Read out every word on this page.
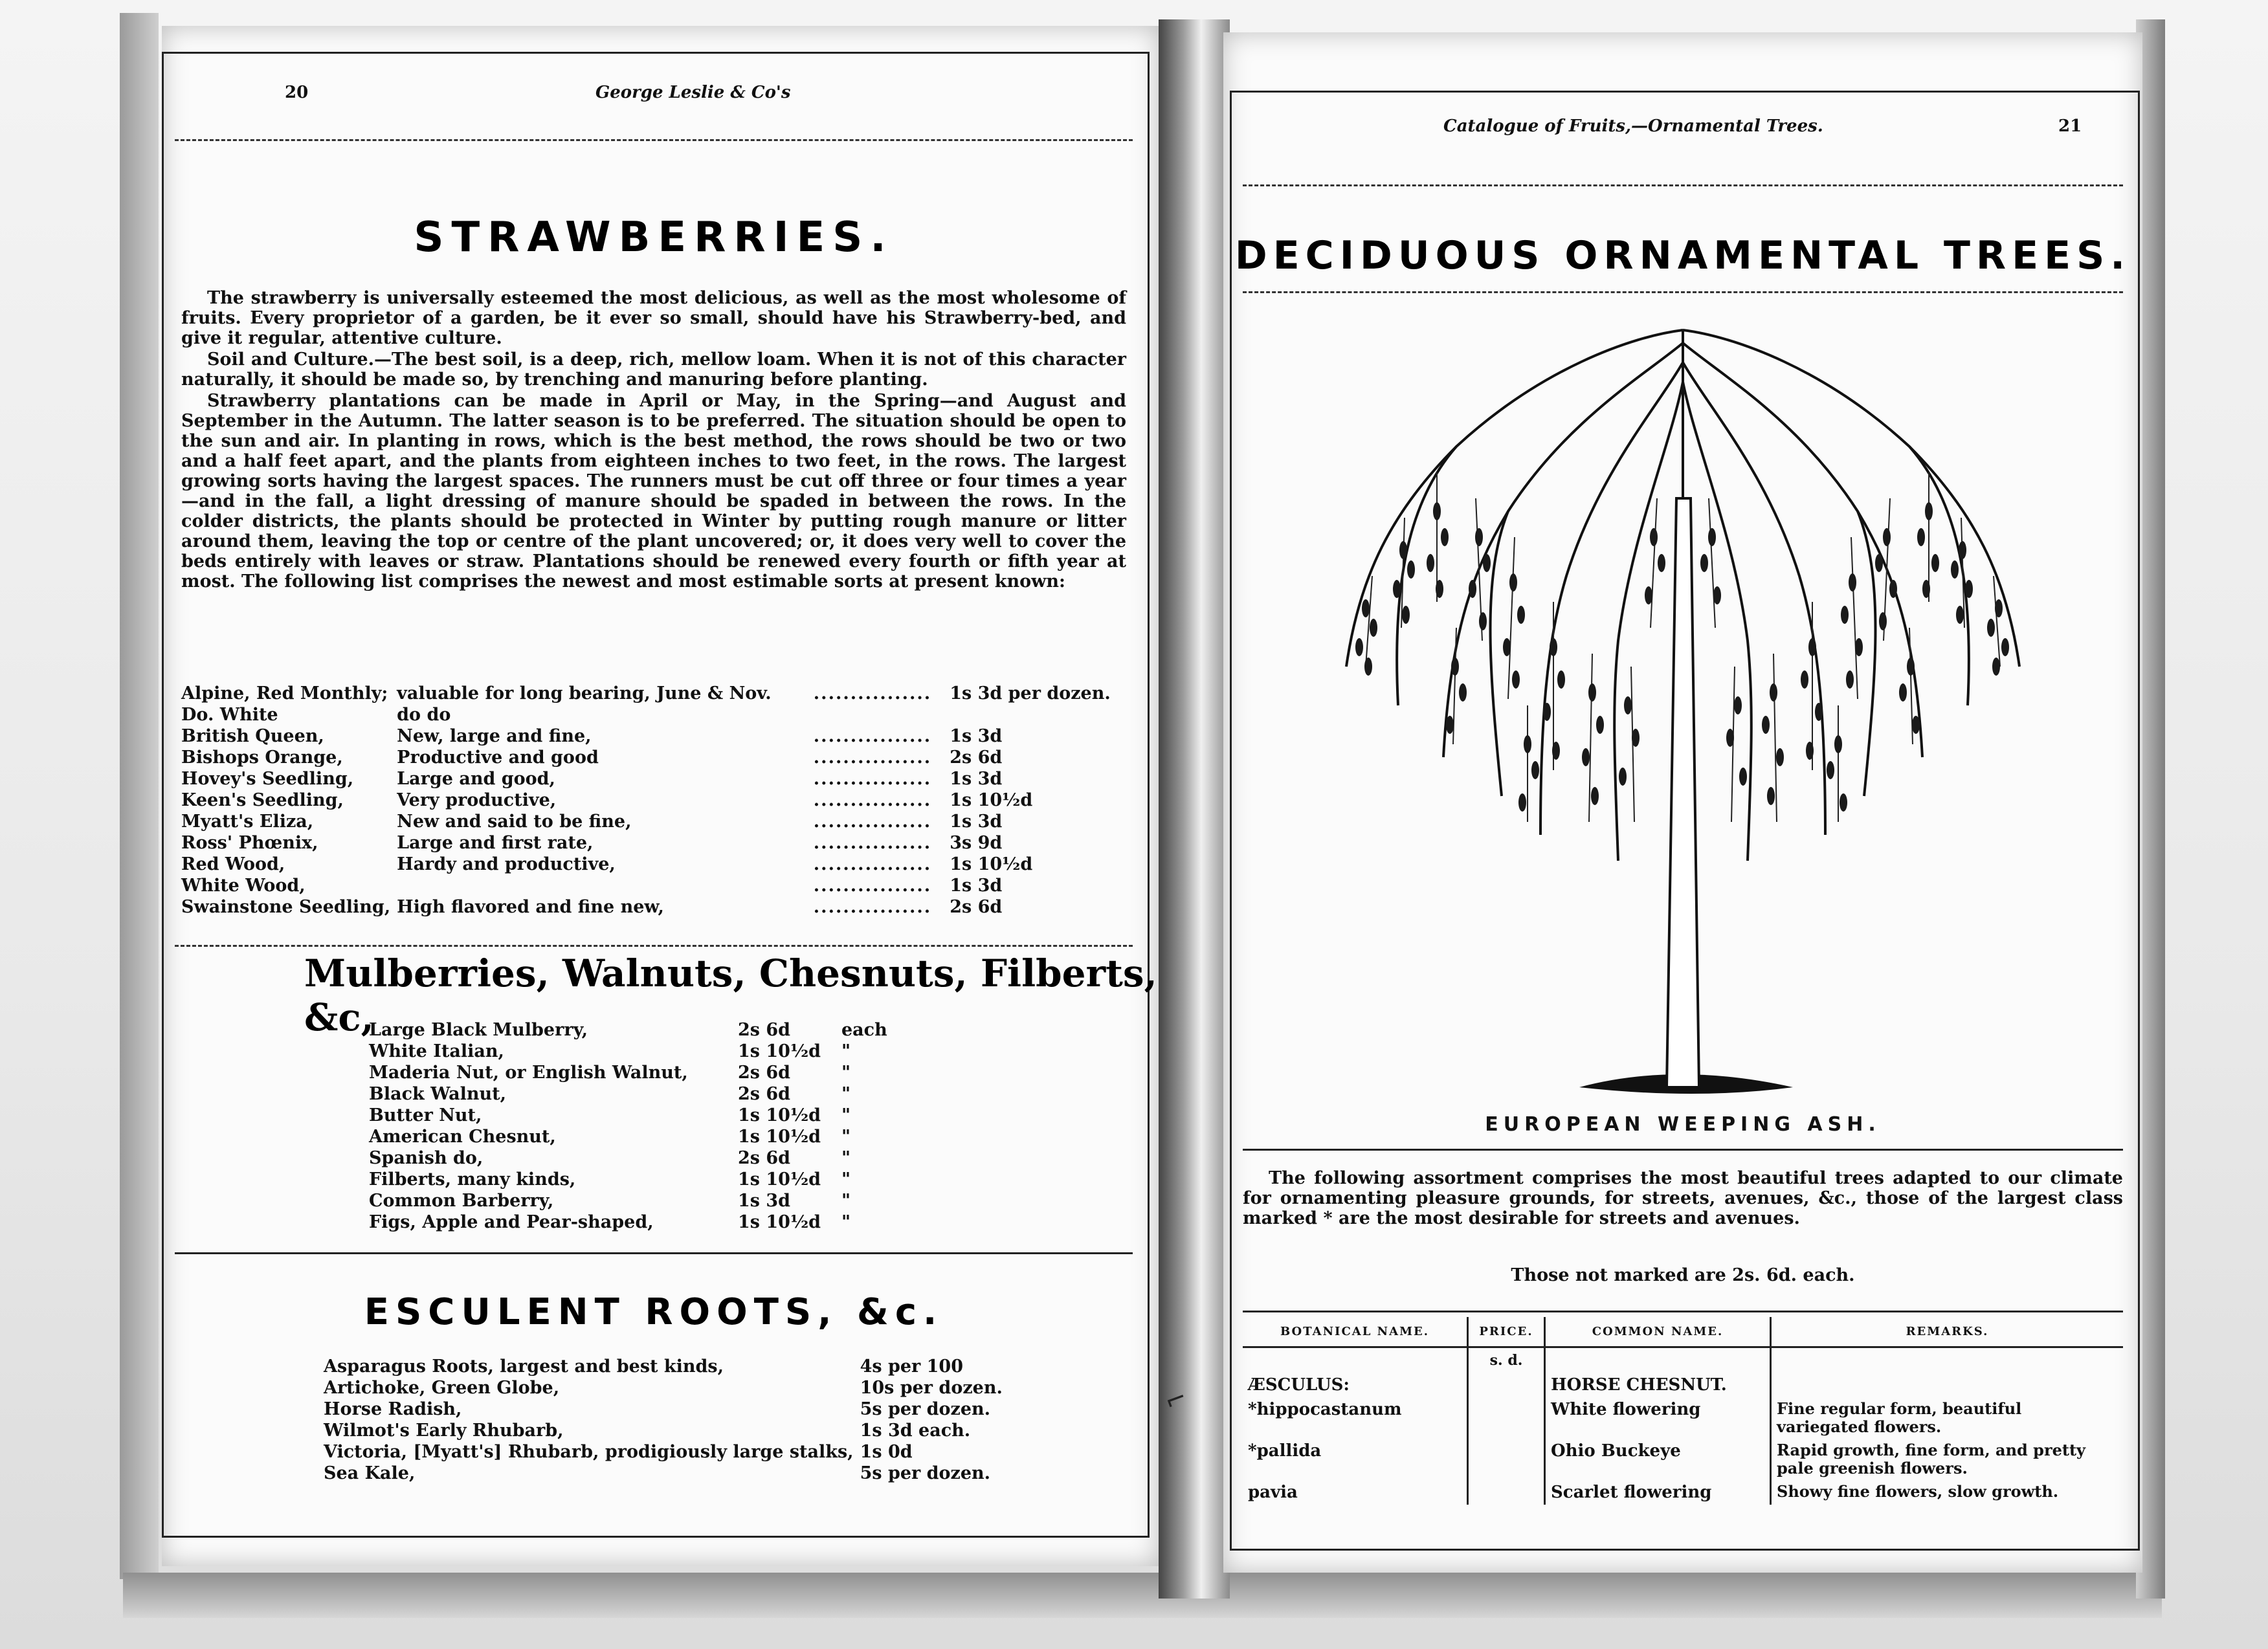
20	George Leslie & Co's
STRAWBERRIES.

The strawberry is universally esteemed the most delicious, as well as the most wholesome of fruits. Every proprietor of a garden, be it ever so small, should have his Strawberry-bed, and give it regular, attentive culture.

Soil and Culture.—The best soil, is a deep, rich, mellow loam. When it is not of this character naturally, it should be made so, by trenching and manuring before planting.

Strawberry plantations can be made in April or May, in the Spring—and August and September in the Autumn. The latter season is to be preferred. The situation should be open to the sun and air. In planting in rows, which is the best method, the rows should be two or two and a half feet apart, and the plants from eighteen inches to two feet, in the rows. The largest growing sorts having the largest spaces. The runners must be cut off three or four times a year—and in the fall, a light dressing of manure should be spaded in between the rows. In the colder districts, the plants should be protected in Winter by putting rough manure or litter around them, leaving the top or centre of the plant uncovered; or, it does very well to cover the beds entirely with leaves or straw. Plantations should be renewed every fourth or fifth year at most. The following list comprises the newest and most estimable sorts at present known:

Alpine, Red Monthly;	valuable for long bearing, June & Nov.	................	1s 3d per dozen.
Do. White	do do		
British Queen,	New, large and fine,	................	1s 3d
Bishops Orange,	Productive and good	................	2s 6d
Hovey's Seedling,	Large and good,	................	1s 3d
Keen's Seedling,	Very productive,	................	1s 10½d
Myatt's Eliza,	New and said to be fine,	................	1s 3d
Ross' Phœnix,	Large and first rate,	................	3s 9d
Red Wood,	Hardy and productive,	................	1s 10½d
White Wood,		................	1s 3d
Swainstone Seedling,	High flavored and fine new,	................	2s 6d
Mulberries, Walnuts, Chesnuts, Filberts, &c,
Large Black Mulberry,	2s 6d	each
White Italian,	1s 10½d	"
Maderia Nut, or English Walnut,	2s 6d	"
Black Walnut,	2s 6d	"
Butter Nut,	1s 10½d	"
American Chesnut,	1s 10½d	"
Spanish do,	2s 6d	"
Filberts, many kinds,	1s 10½d	"
Common Barberry,	1s 3d	"
Figs, Apple and Pear-shaped,	1s 10½d	"
ESCULENT ROOTS, &c.
Asparagus Roots, largest and best kinds,	4s per 100
Artichoke, Green Globe,	10s per dozen.
Horse Radish,	5s per dozen.
Wilmot's Early Rhubarb,	1s 3d each.
Victoria, [Myatt's] Rhubarb, prodigiously large stalks,	1s 0d
Sea Kale,	5s per dozen.
Catalogue of Fruits,—Ornamental Trees.	21
DECIDUOUS ORNAMENTAL TREES.
EUROPEAN WEEPING ASH.

The following assortment comprises the most beautiful trees adapted to our climate for ornamenting pleasure grounds, for streets, avenues, &c., those of the largest class marked * are the most desirable for streets and avenues.

Those not marked are 2s. 6d. each.
BOTANICAL NAME.	PRICE.	COMMON NAME.	REMARKS.
	s. d.		
ÆSCULUS:		HORSE CHESNUT.	
*hippocastanum		White flowering	Fine regular form, beautiful variegated flowers.
*pallida		Ohio Buckeye	Rapid growth, fine form, and pretty pale greenish flowers.
pavia		Scarlet flowering	Showy fine flowers, slow growth.
⌐
